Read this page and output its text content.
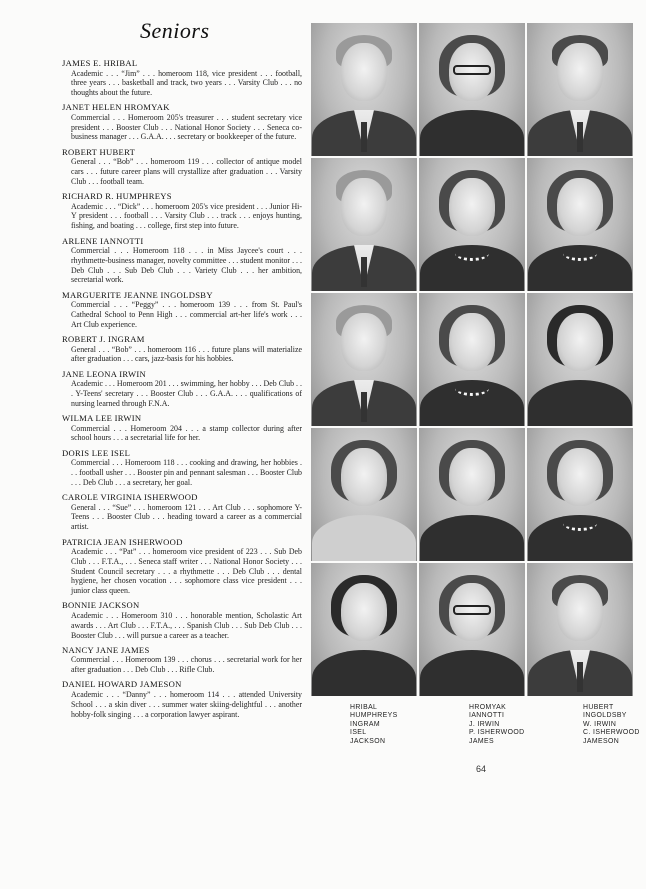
Seniors
JAMES E. HRIBAL
Academic . . . “Jim” . . . homeroom 118, vice president . . . football, three years . . . basketball and track, two years . . . Varsity Club . . . no thoughts about the future.
JANET HELEN HROMYAK
Commercial . . . Homeroom 205's treasurer . . . student secretary vice president . . . Booster Club . . . National Honor Society . . . Seneca co-business manager . . . G.A.A. . . . secretary or bookkeeper of the future.
ROBERT HUBERT
General . . . “Bob” . . . homeroom 119 . . . collector of antique model cars . . . future career plans will crystallize after graduation . . . Varsity Club . . . football team.
RICHARD R. HUMPHREYS
Academic . . . “Dick” . . . homeroom 205's vice president . . . Junior Hi-Y president . . . football . . . Varsity Club . . . track . . . enjoys hunting, fishing, and boating . . . college, first step into future.
ARLENE IANNOTTI
Commercial . . . Homeroom 118 . . . in Miss Jaycee's court . . . rhythmette-business manager, novelty committee . . . student monitor . . . Deb Club . . . Sub Deb Club . . . Variety Club . . . her ambition, secretarial work.
MARGUERITE JEANNE INGOLDSBY
Commercial . . . “Peggy” . . . homeroom 139 . . . from St. Paul's Cathedral School to Penn High . . . commercial art-her life's work . . . Art Club experience.
ROBERT J. INGRAM
General . . . “Bob” . . . homeroom 116 . . . future plans will materialize after graduation . . . cars, jazz-basis for his hobbies.
JANE LEONA IRWIN
Academic . . . Homeroom 201 . . . swimming, her hobby . . . Deb Club . . . Y-Teens' secretary . . . Booster Club . . . G.A.A. . . . qualifications of nursing learned through F.N.A.
WILMA LEE IRWIN
Commercial . . . Homeroom 204 . . . a stamp collector during after school hours . . . a secretarial life for her.
DORIS LEE ISEL
Commercial . . . Homeroom 118 . . . cooking and drawing, her hobbies . . . football usher . . . Booster pin and pennant salesman . . . Booster Club . . . Deb Club . . . a secretary, her goal.
CAROLE VIRGINIA ISHERWOOD
General . . . “Sue” . . . homeroom 121 . . . Art Club . . . sophomore Y-Teens . . . Booster Club . . . heading toward a career as a commercial artist.
PATRICIA JEAN ISHERWOOD
Academic . . . “Pat” . . . homeroom vice president of 223 . . . Sub Deb Club . . . F.T.A., . . . Seneca staff writer . . . National Honor Society . . . Student Council secretary . . . a rhythmette . . . Deb Club . . . dental hygiene, her chosen vocation . . . sophomore class vice president . . . junior class queen.
BONNIE JACKSON
Academic . . . Homeroom 310 . . . honorable mention, Scholastic Art awards . . . Art Club . . . F.T.A., . . . Spanish Club . . . Sub Deb Club . . . Booster Club . . . will pursue a career as a teacher.
NANCY JANE JAMES
Commercial . . . Homeroom 139 . . . chorus . . . secretarial work for her after graduation . . . Deb Club . . . Rifle Club.
DANIEL HOWARD JAMESON
Academic . . . “Danny” . . . homeroom 114 . . . attended University School . . . a skin diver . . . summer water skiing-delightful . . . another hobby-folk singing . . . a corporation lawyer aspirant.
HRIBAL
HUMPHREYS
INGRAM
ISEL
JACKSON
HROMYAK
IANNOTTI
J. IRWIN
P. ISHERWOOD
JAMES
HUBERT
INGOLDSBY
W. IRWIN
C. ISHERWOOD
JAMESON
64
